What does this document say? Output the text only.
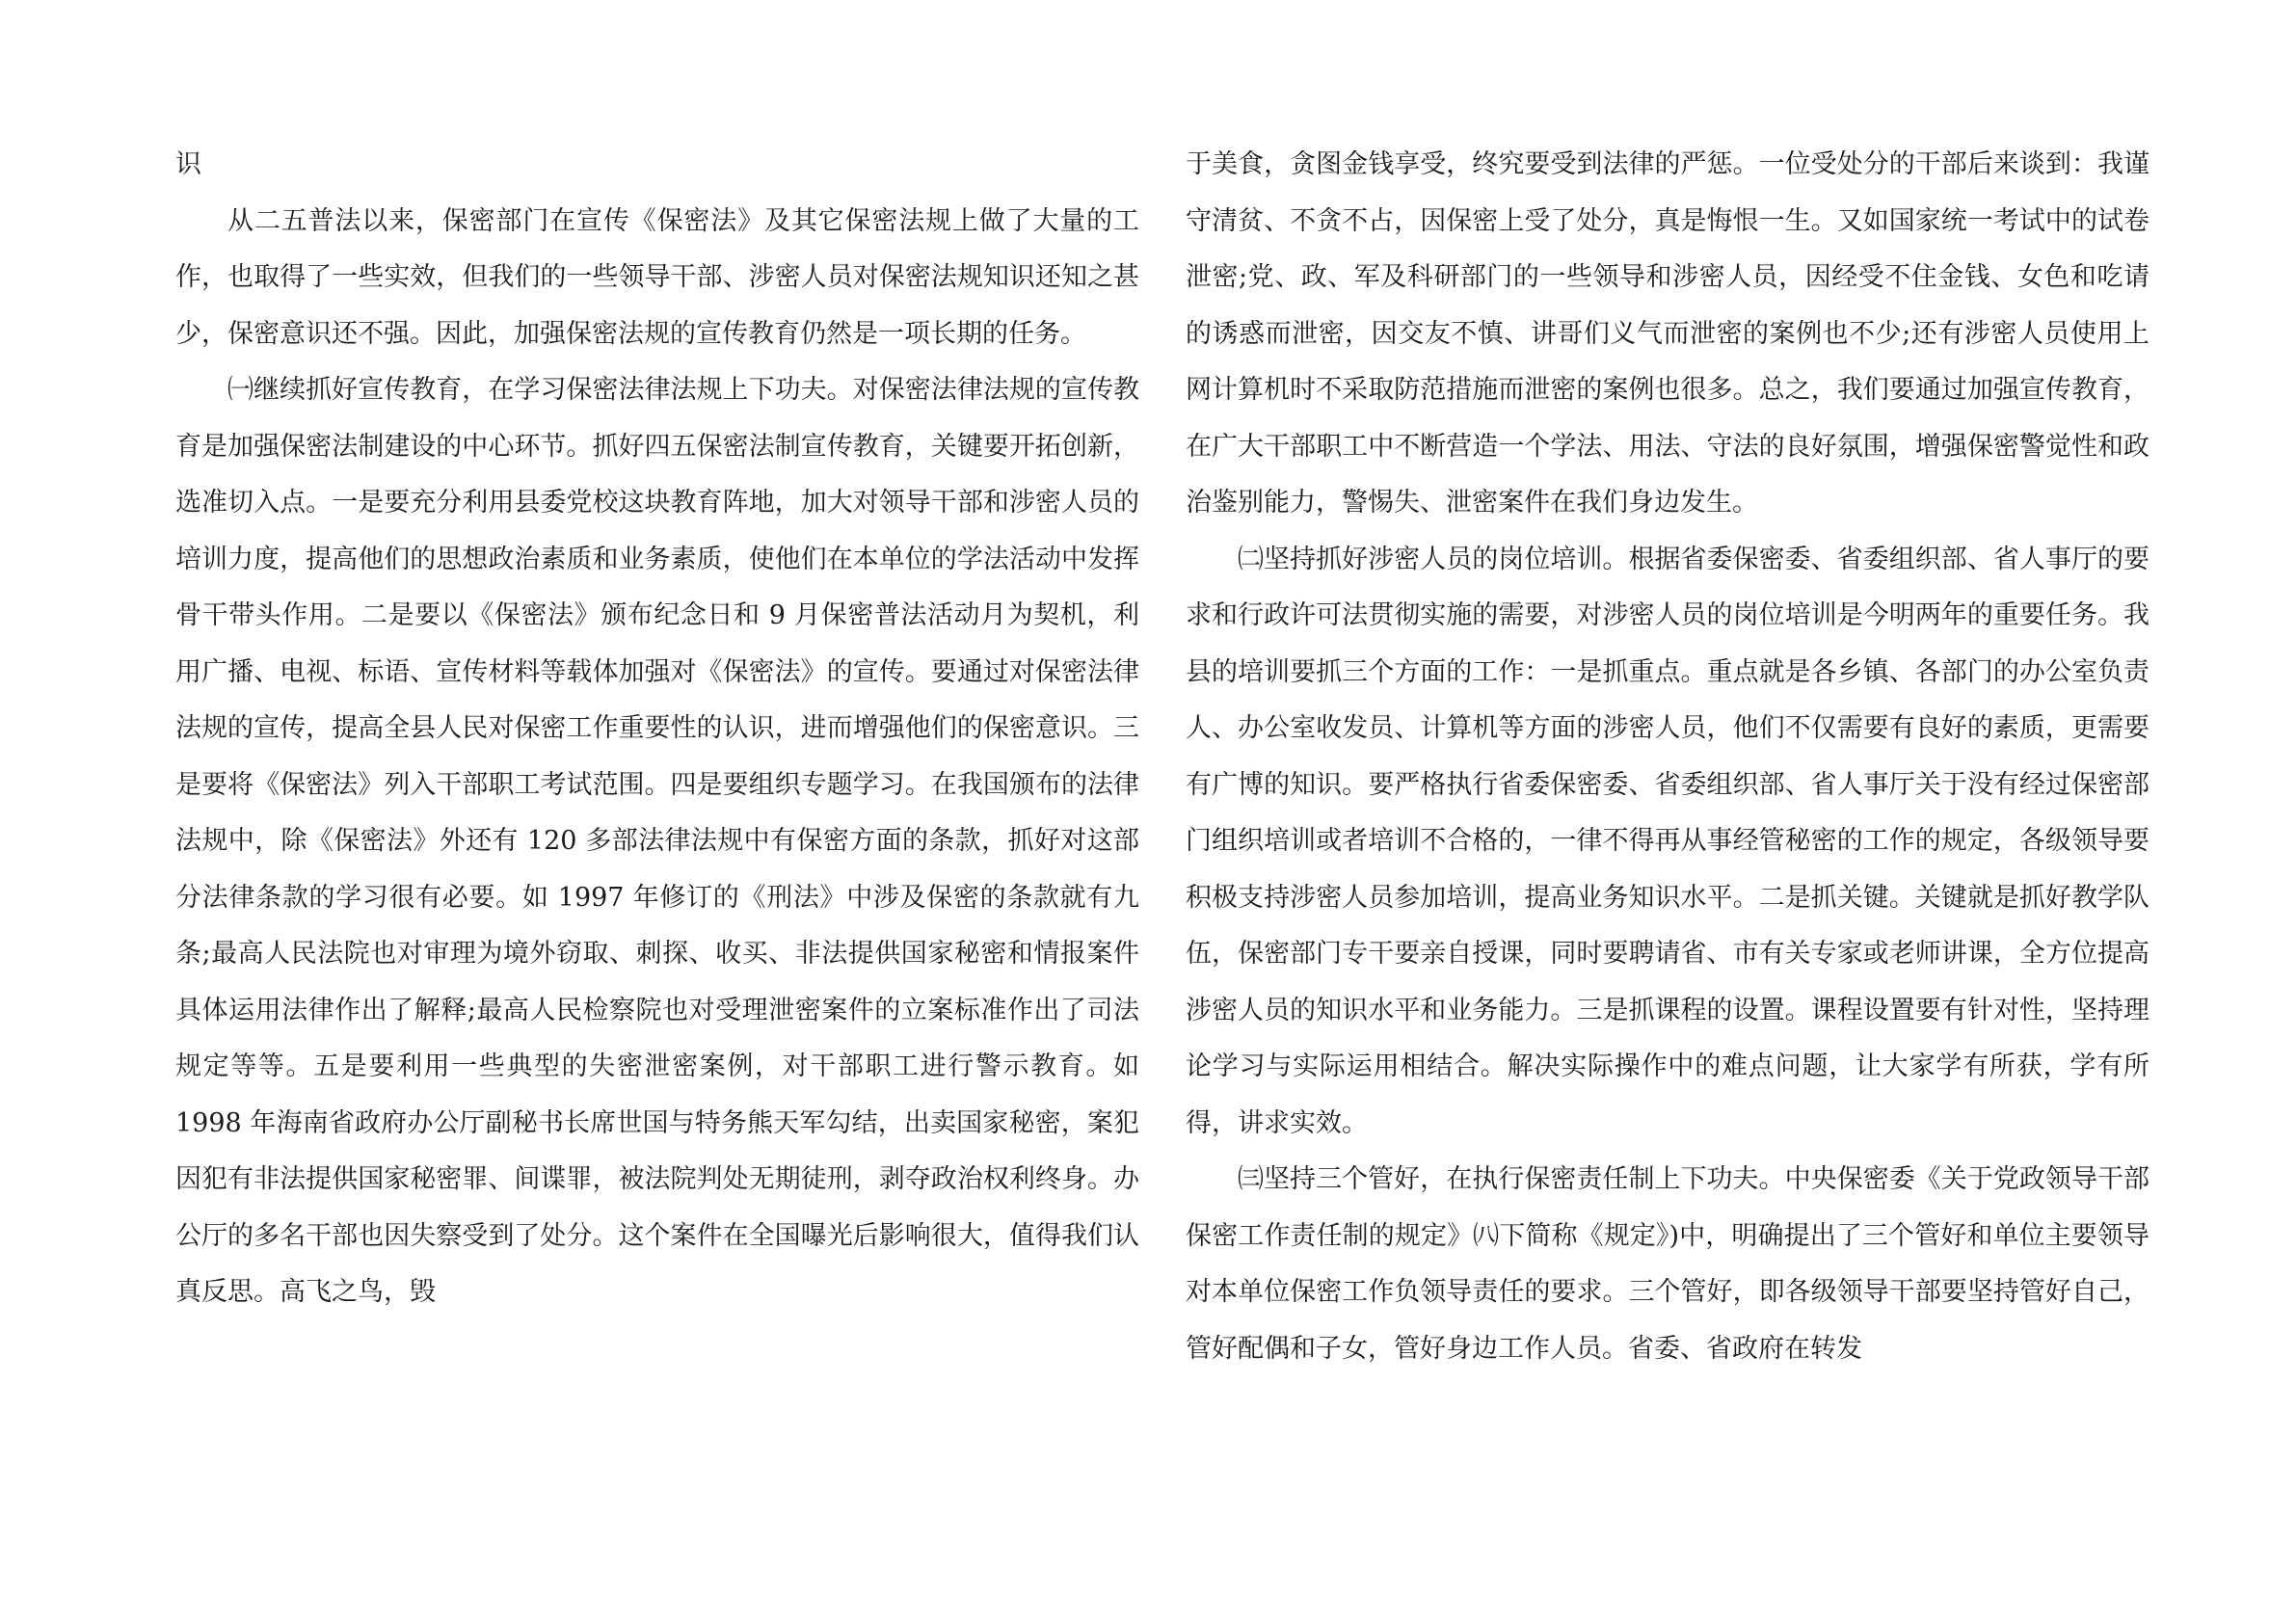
识

从二五普法以来，保密部门在宣传《保密法》及其它保密法规上做了大量的工作，也取得了一些实效，但我们的一些领导干部、涉密人员对保密法规知识还知之甚少，保密意识还不强。因此，加强保密法规的宣传教育仍然是一项长期的任务。

㈠继续抓好宣传教育，在学习保密法律法规上下功夫。对保密法律法规的宣传教育是加强保密法制建设的中心环节。抓好四五保密法制宣传教育，关键要开拓创新，选准切入点。一是要充分利用县委党校这块教育阵地，加大对领导干部和涉密人员的培训力度，提高他们的思想政治素质和业务素质，使他们在本单位的学法活动中发挥骨干带头作用。二是要以《保密法》颁布纪念日和 9 月保密普法活动月为契机，利用广播、电视、标语、宣传材料等载体加强对《保密法》的宣传。要通过对保密法律法规的宣传，提高全县人民对保密工作重要性的认识，进而增强他们的保密意识。三是要将《保密法》列入干部职工考试范围。四是要组织专题学习。在我国颁布的法律法规中，除《保密法》外还有 120 多部法律法规中有保密方面的条款，抓好对这部分法律条款的学习很有必要。如 1997 年修订的《刑法》中涉及保密的条款就有九条;最高人民法院也对审理为境外窃取、刺探、收买、非法提供国家秘密和情报案件具体运用法律作出了解释;最高人民检察院也对受理泄密案件的立案标准作出了司法规定等等。五是要利用一些典型的失密泄密案例，对干部职工进行警示教育。如 1998 年海南省政府办公厅副秘书长席世国与特务熊天军勾结，出卖国家秘密，案犯因犯有非法提供国家秘密罪、间谍罪，被法院判处无期徒刑，剥夺政治权利终身。办公厅的多名干部也因失察受到了处分。这个案件在全国曝光后影响很大，值得我们认真反思。高飞之鸟，毁

于美食，贪图金钱享受，终究要受到法律的严惩。一位受处分的干部后来谈到：我谨守清贫、不贪不占，因保密上受了处分，真是悔恨一生。又如国家统一考试中的试卷泄密;党、政、军及科研部门的一些领导和涉密人员，因经受不住金钱、女色和吃请的诱惑而泄密，因交友不慎、讲哥们义气而泄密的案例也不少;还有涉密人员使用上网计算机时不采取防范措施而泄密的案例也很多。总之，我们要通过加强宣传教育，在广大干部职工中不断营造一个学法、用法、守法的良好氛围，增强保密警觉性和政治鉴别能力，警惕失、泄密案件在我们身边发生。

㈡坚持抓好涉密人员的岗位培训。根据省委保密委、省委组织部、省人事厅的要求和行政许可法贯彻实施的需要，对涉密人员的岗位培训是今明两年的重要任务。我县的培训要抓三个方面的工作：一是抓重点。重点就是各乡镇、各部门的办公室负责人、办公室收发员、计算机等方面的涉密人员，他们不仅需要有良好的素质，更需要有广博的知识。要严格执行省委保密委、省委组织部、省人事厅关于没有经过保密部门组织培训或者培训不合格的，一律不得再从事经管秘密的工作的规定，各级领导要积极支持涉密人员参加培训，提高业务知识水平。二是抓关键。关键就是抓好教学队伍，保密部门专干要亲自授课，同时要聘请省、市有关专家或老师讲课，全方位提高涉密人员的知识水平和业务能力。三是抓课程的设置。课程设置要有针对性，坚持理论学习与实际运用相结合。解决实际操作中的难点问题，让大家学有所获，学有所得，讲求实效。

㈢坚持三个管好，在执行保密责任制上下功夫。中央保密委《关于党政领导干部保密工作责任制的规定》㈧下简称《规定》)中，明确提出了三个管好和单位主要领导对本单位保密工作负领导责任的要求。三个管好，即各级领导干部要坚持管好自己，管好配偶和子女，管好身边工作人员。省委、省政府在转发
